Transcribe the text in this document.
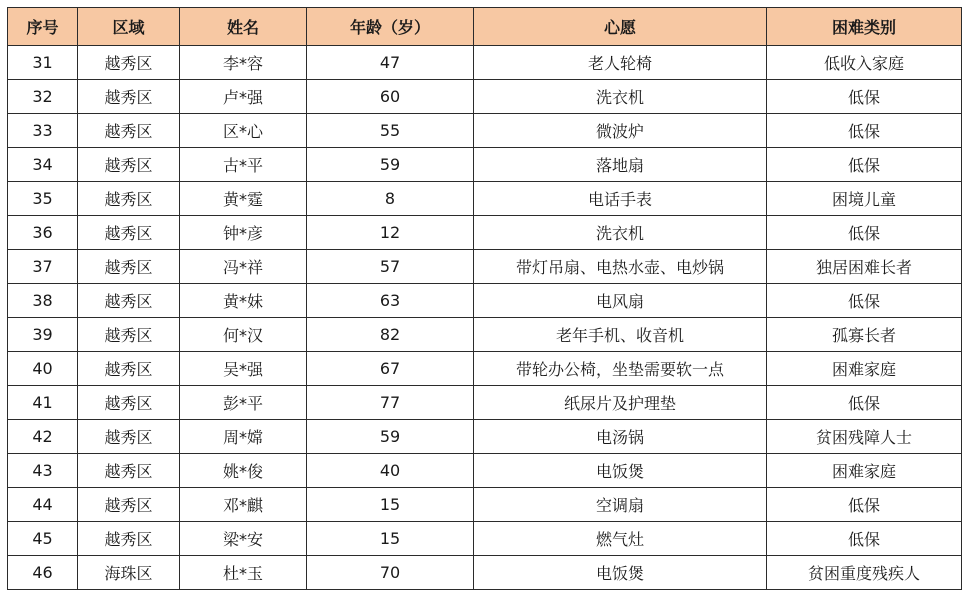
序号	区域	姓名	年龄（岁）	心愿	困难类别
31	越秀区	李*容	47	老人轮椅	低收入家庭
32	越秀区	卢*强	60	洗衣机	低保
33	越秀区	区*心	55	微波炉	低保
34	越秀区	古*平	59	落地扇	低保
35	越秀区	黄*霆	8	电话手表	困境儿童
36	越秀区	钟*彦	12	洗衣机	低保
37	越秀区	冯*祥	57	带灯吊扇、电热水壶、电炒锅	独居困难长者
38	越秀区	黄*妹	63	电风扇	低保
39	越秀区	何*汉	82	老年手机、收音机	孤寡长者
40	越秀区	吴*强	67	带轮办公椅，坐垫需要软一点	困难家庭
41	越秀区	彭*平	77	纸尿片及护理垫	低保
42	越秀区	周*嫦	59	电汤锅	贫困残障人士
43	越秀区	姚*俊	40	电饭煲	困难家庭
44	越秀区	邓*麒	15	空调扇	低保
45	越秀区	梁*安	15	燃气灶	低保
46	海珠区	杜*玉	70	电饭煲	贫困重度残疾人
